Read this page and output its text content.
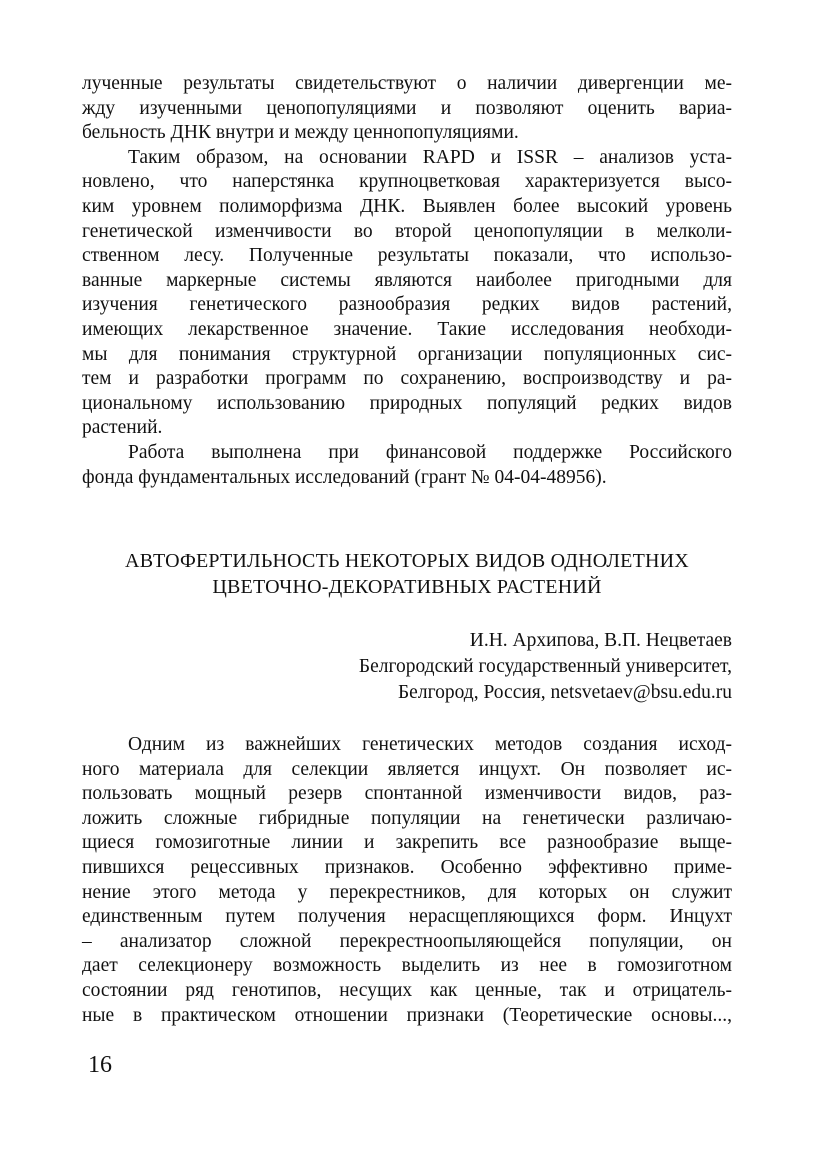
лученные результаты свидетельствуют о наличии дивергенции ме-
жду изученными ценопопуляциями и позволяют оценить вариа-
бельность ДНК внутри и между ценнопопуляциями.
Таким образом, на основании RAPD и ISSR – анализов уста-
новлено, что наперстянка крупноцветковая характеризуется высо-
ким уровнем полиморфизма ДНК. Выявлен более высокий уровень
генетической изменчивости во второй ценопопуляции в мелколи-
ственном лесу. Полученные результаты показали, что использо-
ванные маркерные системы являются наиболее пригодными для
изучения генетического разнообразия редких видов растений,
имеющих лекарственное значение. Такие исследования необходи-
мы для понимания структурной организации популяционных сис-
тем и разработки программ по сохранению, воспроизводству и ра-
циональному использованию природных популяций редких видов
растений.
Работа выполнена при финансовой поддержке Российского
фонда фундаментальных исследований (грант № 04-04-48956).
АВТОФЕРТИЛЬНОСТЬ НЕКОТОРЫХ ВИДОВ ОДНОЛЕТНИХ
ЦВЕТОЧНО-ДЕКОРАТИВНЫХ РАСТЕНИЙ
И.Н. Архипова, В.П. Нецветаев
Белгородский государственный университет,
Белгород, Россия, netsvetaev@bsu.edu.ru
Одним из важнейших генетических методов создания исход-
ного материала для селекции является инцухт. Он позволяет ис-
пользовать мощный резерв спонтанной изменчивости видов, раз-
ложить сложные гибридные популяции на генетически различаю-
щиеся гомозиготные линии и закрепить все разнообразие выще-
пившихся рецессивных признаков. Особенно эффективно приме-
нение этого метода у перекрестников, для которых он служит
единственным путем получения нерасщепляющихся форм. Инцухт
– анализатор сложной перекрестноопыляющейся популяции, он
дает селекционеру возможность выделить из нее в гомозиготном
состоянии ряд генотипов, несущих как ценные, так и отрицатель-
ные в практическом отношении признаки (Теоретические основы...,
16
